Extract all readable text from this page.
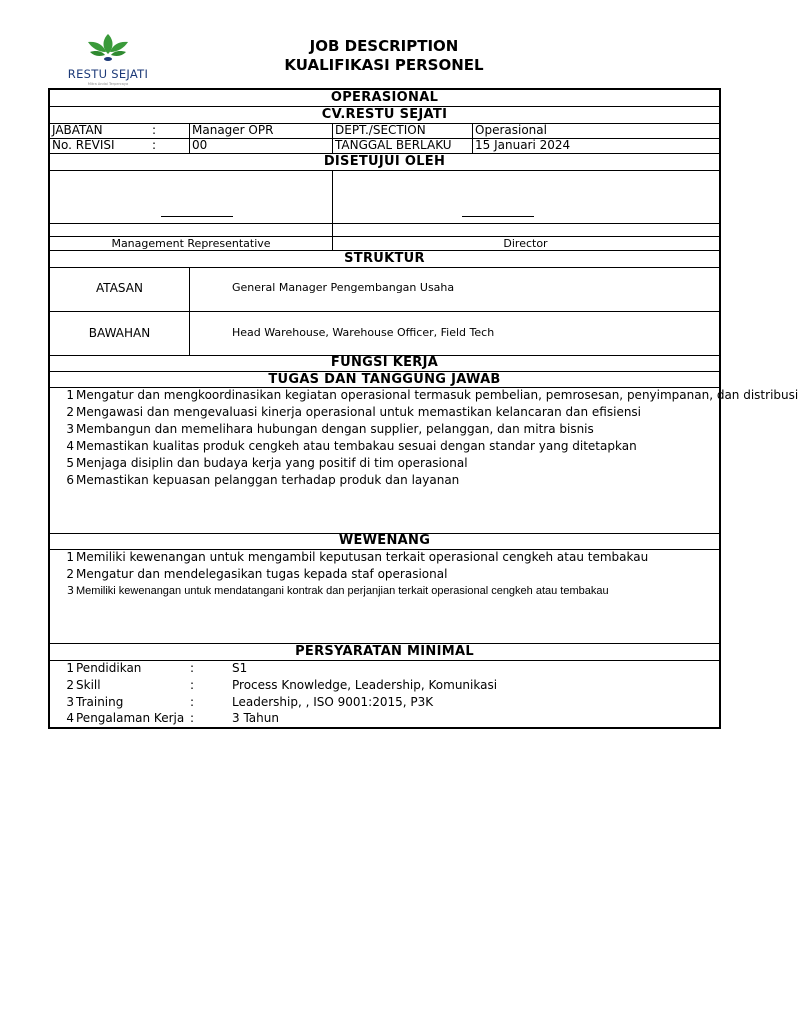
RESTU SEJATI
Mitra Andal Terpercaya
JOB DESCRIPTION
KUALIFIKASI PERSONEL
OPERASIONAL
CV.RESTU SEJATI
JABATAN	:	Manager OPR	DEPT./SECTION	Operasional
No. REVISI	:	00	TANGGAL BERLAKU 15 Januari 2024
DISETUJUI OLEH
Management Representative	Director
STRUKTUR
ATASAN	General Manager Pengembangan Usaha
BAWAHAN	Head Warehouse, Warehouse Officer, Field Tech
FUNGSI KERJA
TUGAS DAN TANGGUNG JAWAB
1 Mengatur dan mengkoordinasikan kegiatan operasional termasuk pembelian, pemrosesan, penyimpanan, dan distribusi
2 Mengawasi dan mengevaluasi kinerja operasional untuk memastikan kelancaran dan efisiensi
3 Membangun dan memelihara hubungan dengan supplier, pelanggan, dan mitra bisnis
4 Memastikan kualitas produk cengkeh atau tembakau sesuai dengan standar yang ditetapkan
5 Menjaga disiplin dan budaya kerja yang positif di tim operasional
6 Memastikan kepuasan pelanggan terhadap produk dan layanan
WEWENANG
1 Memiliki kewenangan untuk mengambil keputusan terkait operasional cengkeh atau tembakau
2 Mengatur dan mendelegasikan tugas kepada staf operasional
3 Memiliki kewenangan untuk mendatangani kontrak dan perjanjian terkait operasional cengkeh atau tembakau
PERSYARATAN MINIMAL
1 Pendidikan	:	S1
2 Skill	:	Process Knowledge, Leadership, Komunikasi
3 Training	:	Leadership, , ISO 9001:2015, P3K
4 Pengalaman Kerja :	3 Tahun
